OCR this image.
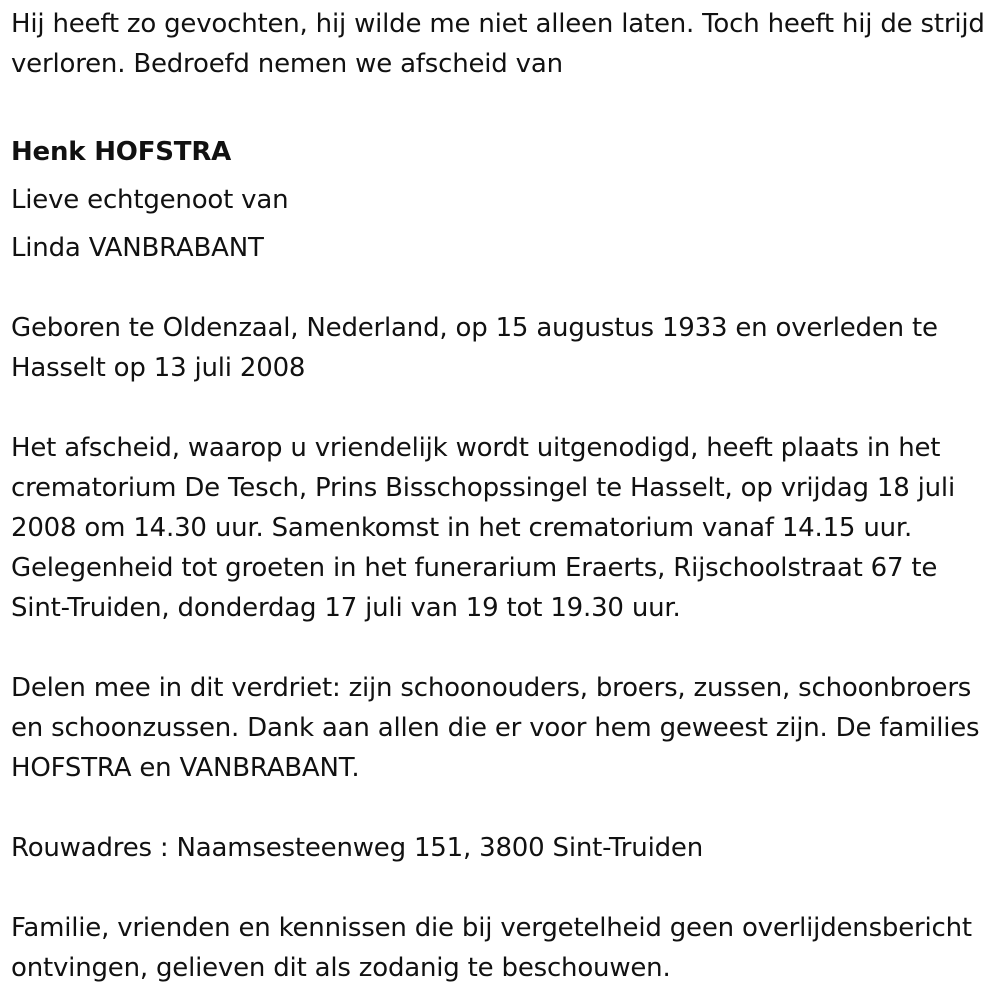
Hij heeft zo gevochten, hij wilde me niet alleen laten. Toch heeft hij de strijd verloren. Bedroefd nemen we afscheid van

Henk HOFSTRA

Lieve echtgenoot van

Linda VANBRABANT

Geboren te Oldenzaal, Nederland, op 15 augustus 1933 en overleden te Hasselt op 13 juli 2008

Het afscheid, waarop u vriendelijk wordt uitgenodigd, heeft plaats in het crematorium De Tesch, Prins Bisschopssingel te Hasselt, op vrijdag 18 juli 2008 om 14.30 uur. Samenkomst in het crematorium vanaf 14.15 uur. Gelegenheid tot groeten in het funerarium Eraerts, Rijschoolstraat 67 te Sint-Truiden, donderdag 17 juli van 19 tot 19.30 uur.

Delen mee in dit verdriet: zijn schoonouders, broers, zussen, schoonbroers en schoonzussen. Dank aan allen die er voor hem geweest zijn. De families HOFSTRA en VANBRABANT.

Rouwadres : Naamsesteenweg 151, 3800 Sint-Truiden

Familie, vrienden en kennissen die bij vergetelheid geen overlijdensbericht ontvingen, gelieven dit als zodanig te beschouwen.
